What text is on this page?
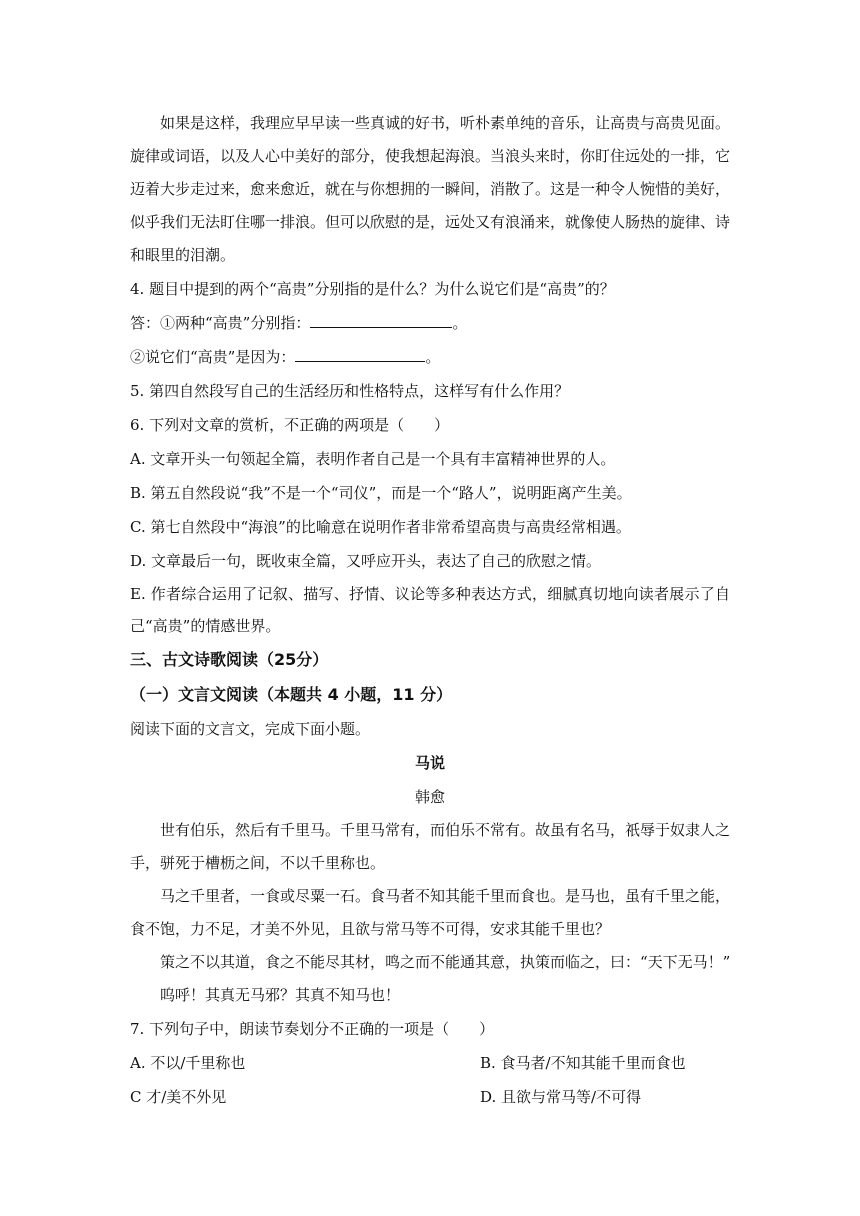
如果是这样，我理应早早读一些真诚的好书，听朴素单纯的音乐，让高贵与高贵见面。旋律或词语，以及人心中美好的部分，使我想起海浪。当浪头来时，你盯住远处的一排，它迈着大步走过来，愈来愈近，就在与你想拥的一瞬间，消散了。这是一种令人惋惜的美好，似乎我们无法盯住哪一排浪。但可以欣慰的是，远处又有浪涌来，就像使人肠热的旋律、诗和眼里的泪潮。

4. 题目中提到的两个“高贵”分别指的是什么？为什么说它们是“高贵”的？

答：①两种“高贵”分别指：	。

②说它们“高贵”是因为：	。

5. 第四自然段写自己的生活经历和性格特点，这样写有什么作用？

6. 下列对文章的赏析，不正确的两项是（　　）

A. 文章开头一句领起全篇，表明作者自己是一个具有丰富精神世界的人。

B. 第五自然段说“我”不是一个“司仪”，而是一个“路人”，说明距离产生美。

C. 第七自然段中“海浪”的比喻意在说明作者非常希望高贵与高贵经常相遇。

D. 文章最后一句，既收束全篇，又呼应开头，表达了自己的欣慰之情。

E. 作者综合运用了记叙、描写、抒情、议论等多种表达方式，细腻真切地向读者展示了自己“高贵”的情感世界。

三、古文诗歌阅读（25分）

（一）文言文阅读（本题共 4 小题，11 分）

阅读下面的文言文，完成下面小题。

马说

韩愈

世有伯乐，然后有千里马。千里马常有，而伯乐不常有。故虽有名马，祇辱于奴隶人之手，骈死于槽枥之间，不以千里称也。

马之千里者，一食或尽粟一石。食马者不知其能千里而食也。是马也，虽有千里之能，食不饱，力不足，才美不外见，且欲与常马等不可得，安求其能千里也？

策之不以其道，食之不能尽其材，鸣之而不能通其意，执策而临之，曰：“天下无马！”

呜呼！其真无马邪？其真不知马也！

7. 下列句子中，朗读节奏划分不正确的一项是（　　）

A. 不以/千里称也	B. 食马者/不知其能千里而食也
C 才/美不外见	D. 且欲与常马等/不可得
